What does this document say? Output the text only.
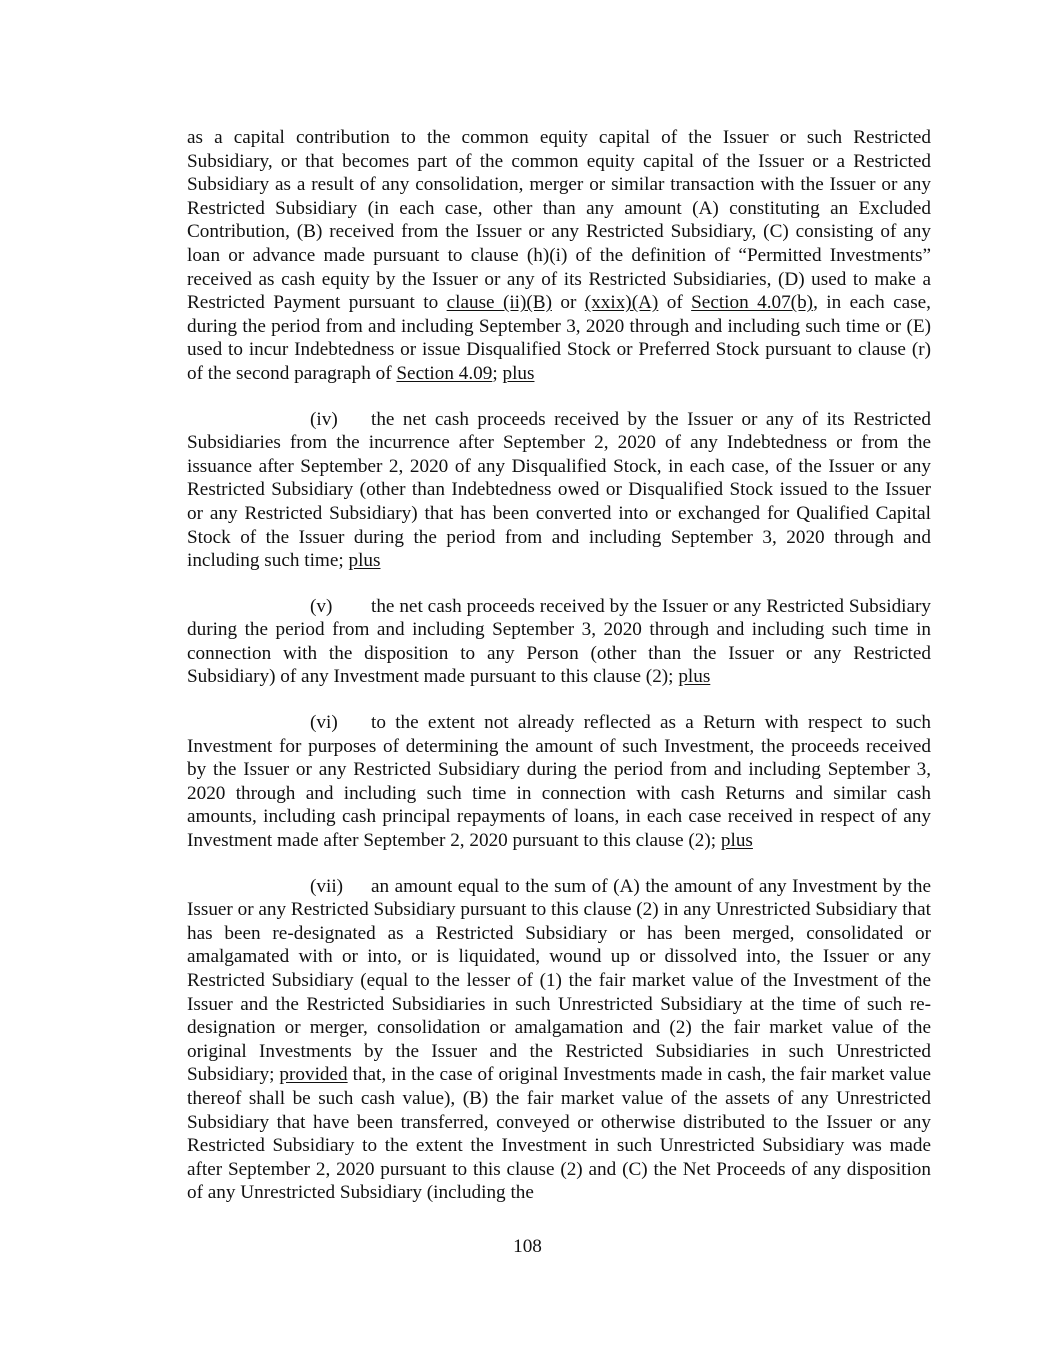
as a capital contribution to the common equity capital of the Issuer or such Restricted Subsidiary, or that becomes part of the common equity capital of the Issuer or a Restricted Subsidiary as a result of any consolidation, merger or similar transaction with the Issuer or any Restricted Subsidiary (in each case, other than any amount (A) constituting an Excluded Contribution, (B) received from the Issuer or any Restricted Subsidiary, (C) consisting of any loan or advance made pursuant to clause (h)(i) of the definition of “Permitted Investments” received as cash equity by the Issuer or any of its Restricted Subsidiaries, (D) used to make a Restricted Payment pursuant to clause (ii)(B) or (xxix)(A) of Section 4.07(b), in each case, during the period from and including September 3, 2020 through and including such time or (E) used to incur Indebtedness or issue Disqualified Stock or Preferred Stock pursuant to clause (r) of the second paragraph of Section 4.09; plus

(iv) the net cash proceeds received by the Issuer or any of its Restricted Subsidiaries from the incurrence after September 2, 2020 of any Indebtedness or from the issuance after September 2, 2020 of any Disqualified Stock, in each case, of the Issuer or any Restricted Subsidiary (other than Indebtedness owed or Disqualified Stock issued to the Issuer or any Restricted Subsidiary) that has been converted into or exchanged for Qualified Capital Stock of the Issuer during the period from and including September 3, 2020 through and including such time; plus

(v) the net cash proceeds received by the Issuer or any Restricted Subsidiary during the period from and including September 3, 2020 through and including such time in connection with the disposition to any Person (other than the Issuer or any Restricted Subsidiary) of any Investment made pursuant to this clause (2); plus

(vi) to the extent not already reflected as a Return with respect to such Investment for purposes of determining the amount of such Investment, the proceeds received by the Issuer or any Restricted Subsidiary during the period from and including September 3, 2020 through and including such time in connection with cash Returns and similar cash amounts, including cash principal repayments of loans, in each case received in respect of any Investment made after September 2, 2020 pursuant to this clause (2); plus

(vii) an amount equal to the sum of (A) the amount of any Investment by the Issuer or any Restricted Subsidiary pursuant to this clause (2) in any Unrestricted Subsidiary that has been re-designated as a Restricted Subsidiary or has been merged, consolidated or amalgamated with or into, or is liquidated, wound up or dissolved into, the Issuer or any Restricted Subsidiary (equal to the lesser of (1) the fair market value of the Investment of the Issuer and the Restricted Subsidiaries in such Unrestricted Subsidiary at the time of such re-designation or merger, consolidation or amalgamation and (2) the fair market value of the original Investments by the Issuer and the Restricted Subsidiaries in such Unrestricted Subsidiary; provided that, in the case of original Investments made in cash, the fair market value thereof shall be such cash value), (B) the fair market value of the assets of any Unrestricted Subsidiary that have been transferred, conveyed or otherwise distributed to the Issuer or any Restricted Subsidiary to the extent the Investment in such Unrestricted Subsidiary was made after September 2, 2020 pursuant to this clause (2) and (C) the Net Proceeds of any disposition of any Unrestricted Subsidiary (including the

108
